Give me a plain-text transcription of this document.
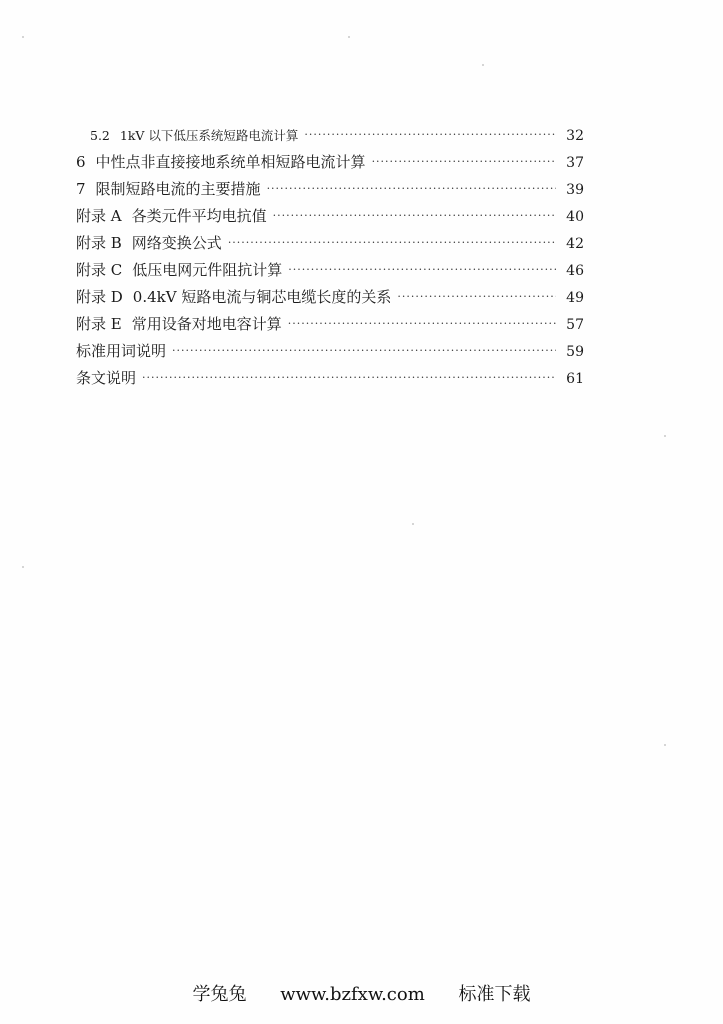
5.2 1kV 以下低压系统短路电流计算 ·····	32
6 中性点非直接接地系统单相短路电流计算 ·····	37
7 限制短路电流的主要措施 ·····	39
附录 A 各类元件平均电抗值 ·····	40
附录 B 网络变换公式 ·····	42
附录 C 低压电网元件阻抗计算 ·····	46
附录 D 0.4kV 短路电流与铜芯电缆长度的关系 ·····	49
附录 E 常用设备对地电容计算 ·····	57
标准用词说明 ·····	59
条文说明 ·····	61
学兔兔 www.bzfxw.com 标准下载
